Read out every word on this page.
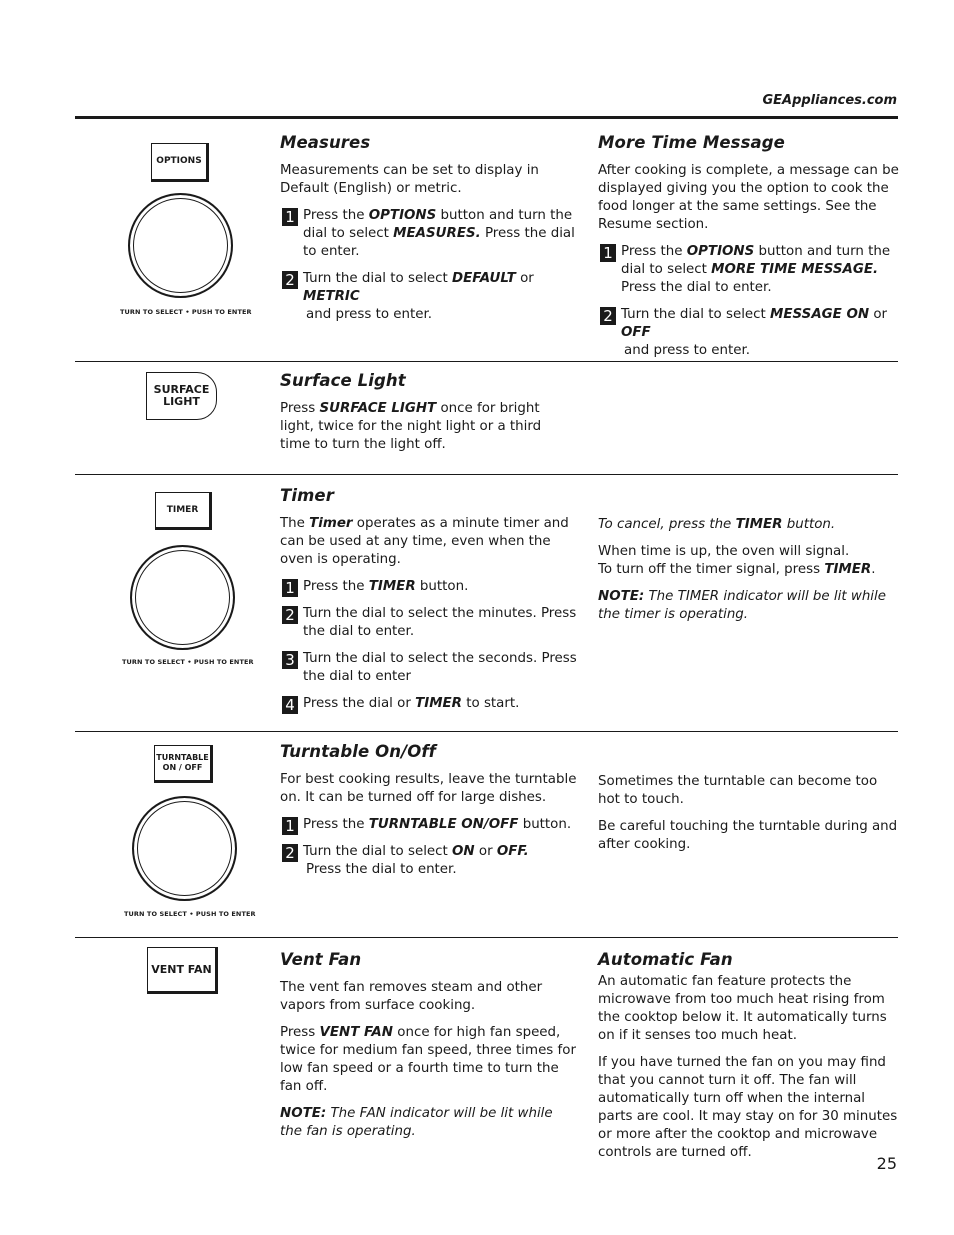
GEAppliances.com
OPTIONS
TURN TO SELECT • PUSH TO ENTER
Measures

Measurements can be set to display in Default (English) or metric.

1 Press the OPTIONS button and turn the dial to select MEASURES. Press the dial to enter.
2 Turn the dial to select DEFAULT or METRIC
and press to enter.
More Time Message

After cooking is complete, a message can be displayed giving you the option to cook the food longer at the same settings. See the Resume section.

1 Press the OPTIONS button and turn the dial to select MORE TIME MESSAGE. Press the dial to enter.
2 Turn the dial to select MESSAGE ON or OFF
and press to enter.
SURFACE
LIGHT
Surface Light

Press SURFACE LIGHT once for bright light, twice for the night light or a third time to turn the light off.

TIMER
TURN TO SELECT • PUSH TO ENTER
Timer

The Timer operates as a minute timer and can be used at any time, even when the oven is operating.

1 Press the TIMER button.
2 Turn the dial to select the minutes. Press the dial to enter.
3 Turn the dial to select the seconds. Press the dial to enter
4 Press the dial or TIMER to start.

To cancel, press the TIMER button.

When time is up, the oven will signal.
To turn off the timer signal, press TIMER.

NOTE: The TIMER indicator will be lit while the timer is operating.

TURNTABLE
ON / OFF
TURN TO SELECT • PUSH TO ENTER
Turntable On/Off

For best cooking results, leave the turntable on. It can be turned off for large dishes.

1 Press the TURNTABLE ON/OFF button.
2 Turn the dial to select ON or OFF.
Press the dial to enter.

Sometimes the turntable can become too hot to touch.

Be careful touching the turntable during and after cooking.

VENT FAN
Vent Fan

The vent fan removes steam and other vapors from surface cooking.

Press VENT FAN once for high fan speed, twice for medium fan speed, three times for low fan speed or a fourth time to turn the fan off.

NOTE: The FAN indicator will be lit while
the fan is operating.

Automatic Fan

An automatic fan feature protects the microwave from too much heat rising from the cooktop below it. It automatically turns on if it senses too much heat.

If you have turned the fan on you may find that you cannot turn it off. The fan will automatically turn off when the internal parts are cool. It may stay on for 30 minutes or more after the cooktop and microwave controls are turned off.

25
